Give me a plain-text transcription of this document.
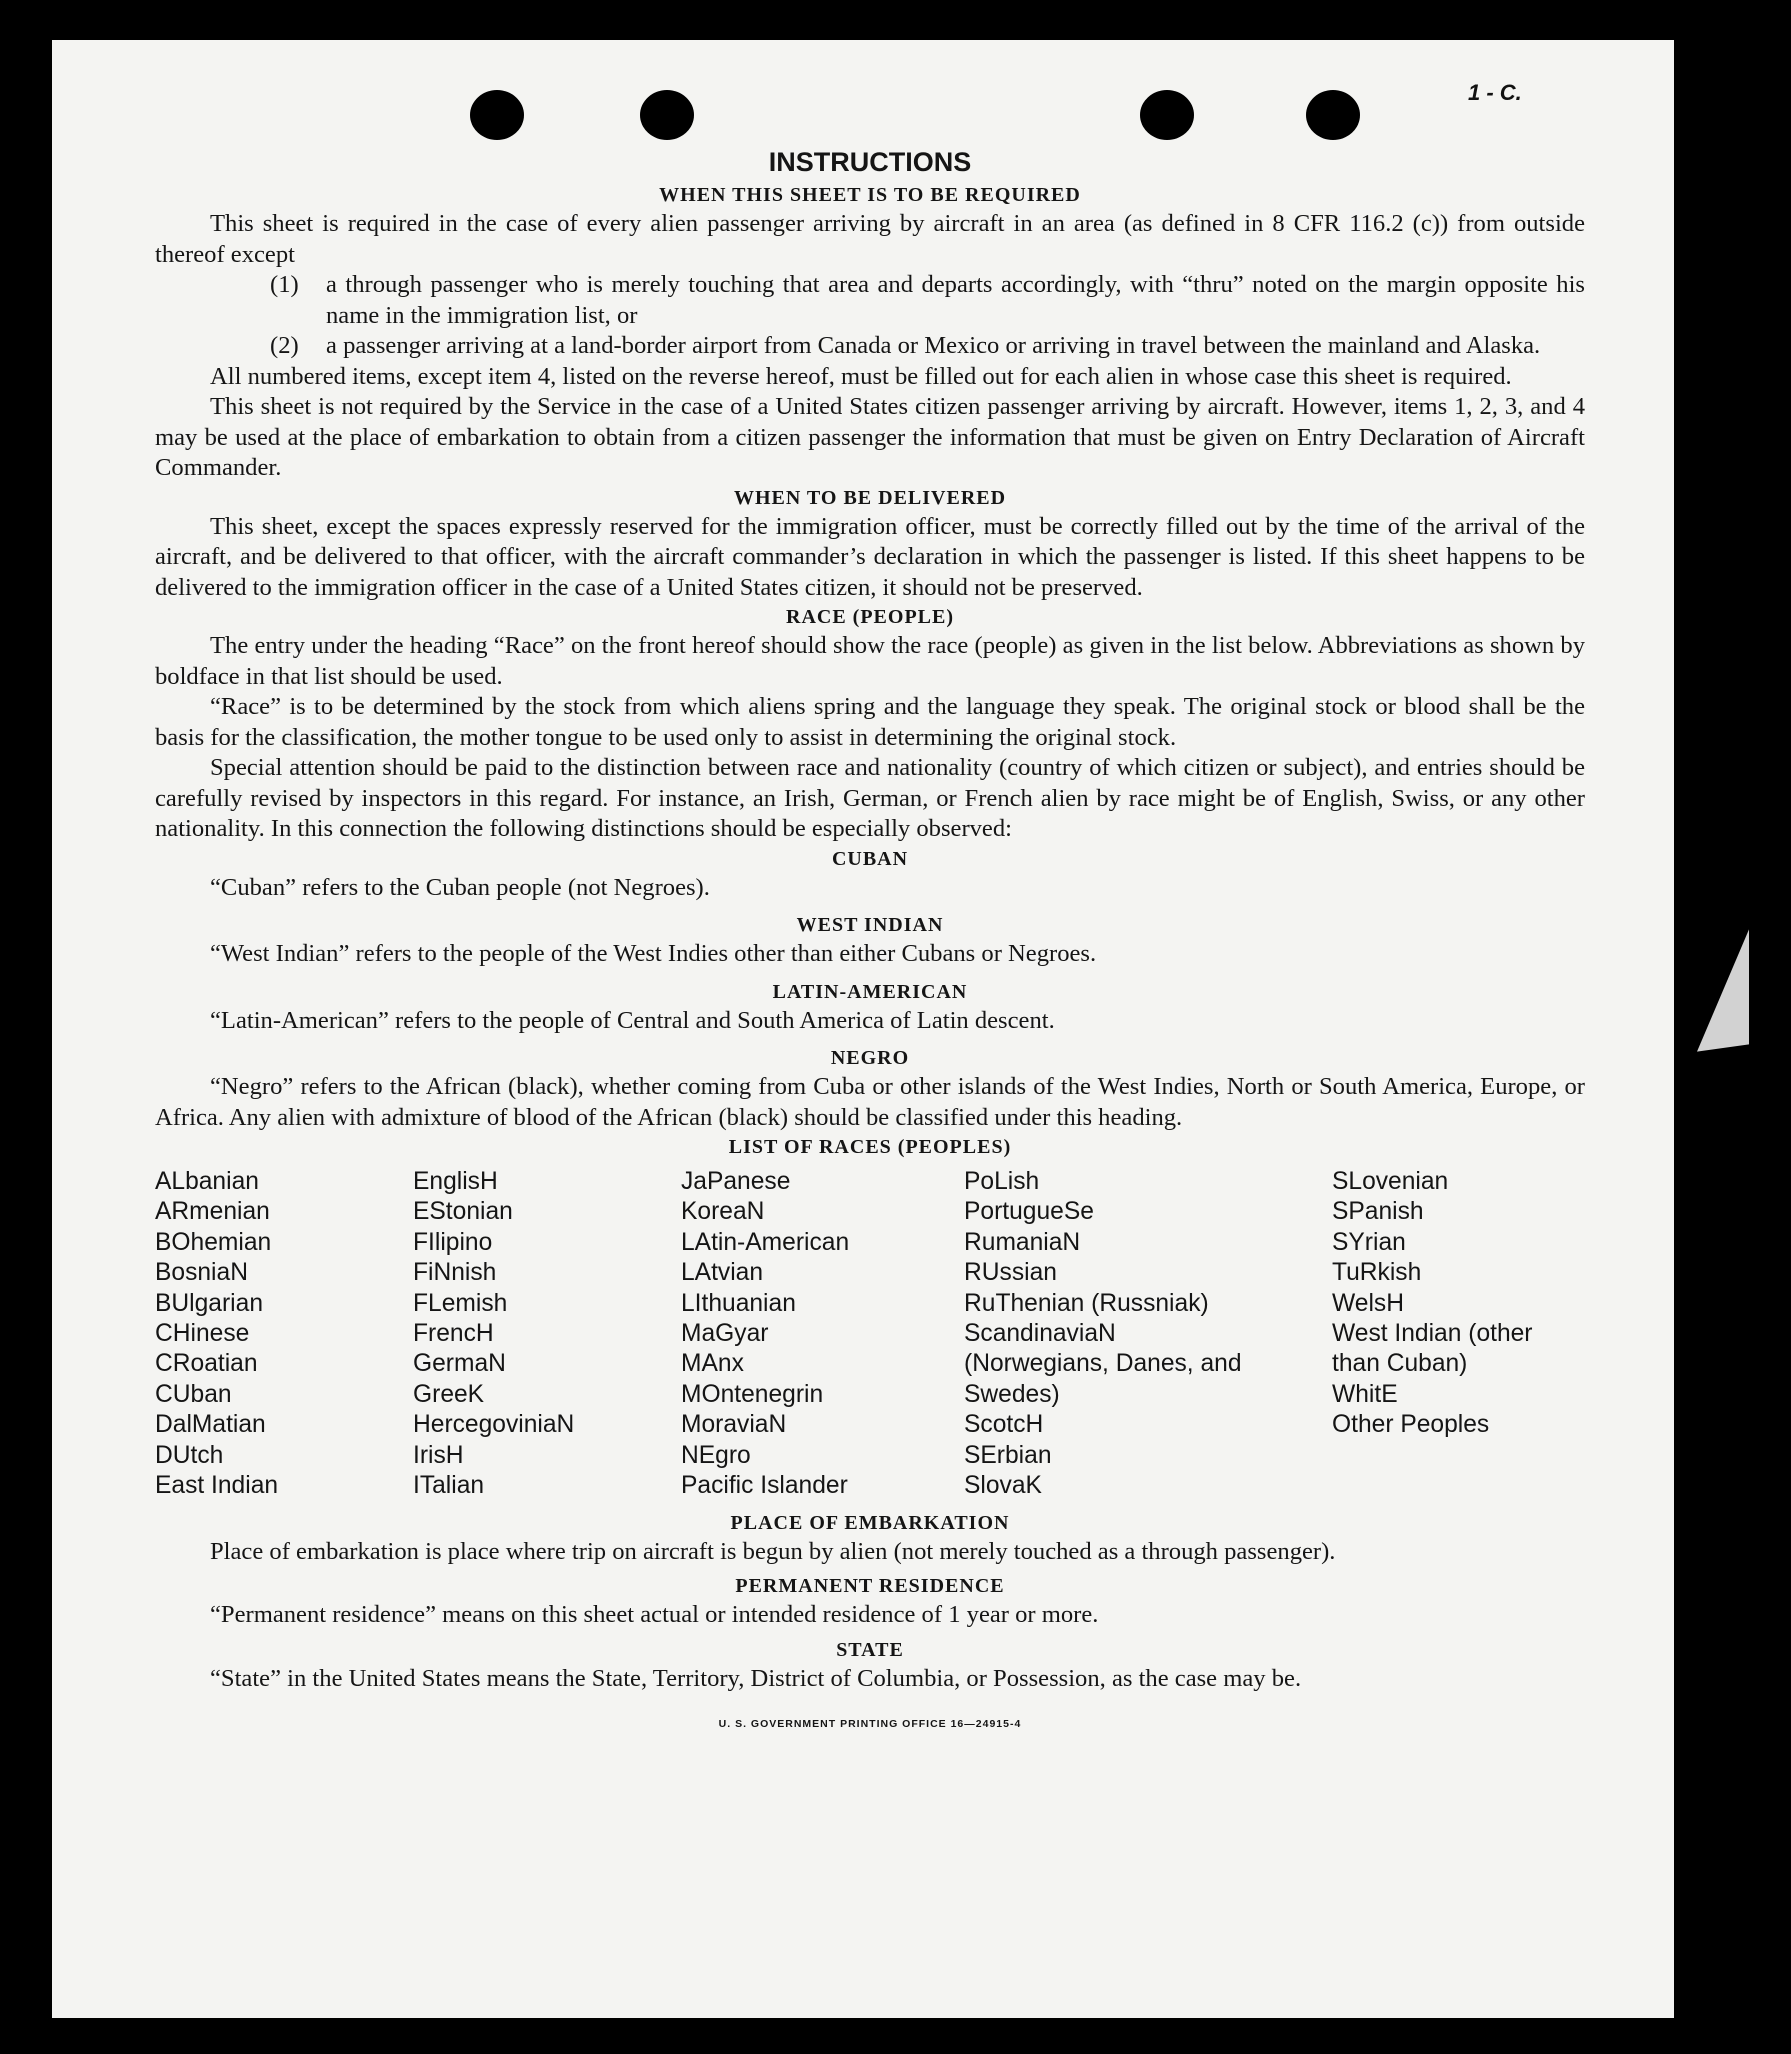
1 - C.
INSTRUCTIONS
WHEN THIS SHEET IS TO BE REQUIRED

This sheet is required in the case of every alien passenger arriving by aircraft in an area (as defined in 8 CFR 116.2 (c)) from outside thereof except

(1)	a through passenger who is merely touching that area and departs accordingly, with “thru” noted on the margin opposite his name in the immigration list, or
(2)	a passenger arriving at a land-border airport from Canada or Mexico or arriving in travel between the mainland and Alaska.

All numbered items, except item 4, listed on the reverse hereof, must be filled out for each alien in whose case this sheet is required.

This sheet is not required by the Service in the case of a United States citizen passenger arriving by aircraft. However, items 1, 2, 3, and 4 may be used at the place of embarkation to obtain from a citizen passenger the information that must be given on Entry Declaration of Aircraft Commander.

WHEN TO BE DELIVERED

This sheet, except the spaces expressly reserved for the immigration officer, must be correctly filled out by the time of the arrival of the aircraft, and be delivered to that officer, with the aircraft commander’s declaration in which the passenger is listed. If this sheet happens to be delivered to the immigration officer in the case of a United States citizen, it should not be preserved.

RACE (PEOPLE)

The entry under the heading “Race” on the front hereof should show the race (people) as given in the list below. Abbreviations as shown by boldface in that list should be used.

“Race” is to be determined by the stock from which aliens spring and the language they speak. The original stock or blood shall be the basis for the classification, the mother tongue to be used only to assist in determining the original stock.

Special attention should be paid to the distinction between race and nationality (country of which citizen or subject), and entries should be carefully revised by inspectors in this regard. For instance, an Irish, German, or French alien by race might be of English, Swiss, or any other nationality. In this connection the following distinctions should be especially observed:

CUBAN

“Cuban” refers to the Cuban people (not Negroes).

WEST INDIAN

“West Indian” refers to the people of the West Indies other than either Cubans or Negroes.

LATIN-AMERICAN

“Latin-American” refers to the people of Central and South America of Latin descent.

NEGRO

“Negro” refers to the African (black), whether coming from Cuba or other islands of the West Indies, North or South America, Europe, or Africa. Any alien with admixture of blood of the African (black) should be classified under this heading.

LIST OF RACES (PEOPLES)
ALbanian
ARmenian
BOhemian
BosniaN
BUlgarian
CHinese
CRoatian
CUban
DalMatian
DUtch
East Indian
EnglisH
EStonian
FIlipino
FiNnish
FLemish
FrencH
GermaN
GreeK
HercegoviniaN
IrisH
ITalian
JaPanese
KoreaN
LAtin-American
LAtvian
LIthuanian
MaGyar
MAnx
MOntenegrin
MoraviaN
NEgro
Pacific Islander
PoLish
PortugueSe
RumaniaN
RUssian
RuThenian (Russniak)
ScandinaviaN (Norwegians, Danes, and Swedes)
ScotcH
SErbian
SlovaK
SLovenian
SPanish
SYrian
TuRkish
WelsH
West Indian (other than Cuban)
WhitE
Other Peoples
PLACE OF EMBARKATION

Place of embarkation is place where trip on aircraft is begun by alien (not merely touched as a through passenger).

PERMANENT RESIDENCE

“Permanent residence” means on this sheet actual or intended residence of 1 year or more.

STATE

“State” in the United States means the State, Territory, District of Columbia, or Possession, as the case may be.

U. S. GOVERNMENT PRINTING OFFICE 16—24915-4
